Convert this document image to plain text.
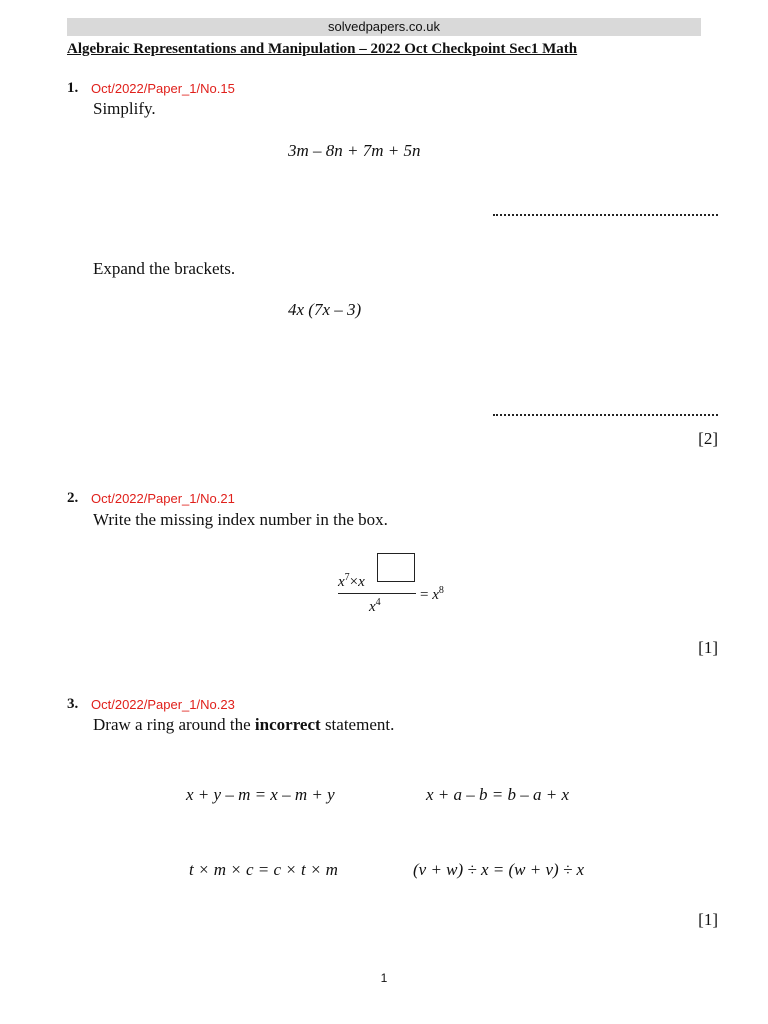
solvedpapers.co.uk
Algebraic Representations and Manipulation – 2022 Oct Checkpoint Sec1 Math
1. Oct/2022/Paper_1/No.15
Simplify.
3m – 8n + 7m + 5n
Expand the brackets.
4x (7x – 3)
[2]
2. Oct/2022/Paper_1/No.21
Write the missing index number in the box.
$x^7\times x$
$x^4$	= $x^8$
[1]
3. Oct/2022/Paper_1/No.23
Draw a ring around the incorrect statement.
x + y – m = x – m + y	x + a – b = b – a + x
t × m × c = c × t × m	(v + w) ÷ x = (w + v) ÷ x
[1]
1
